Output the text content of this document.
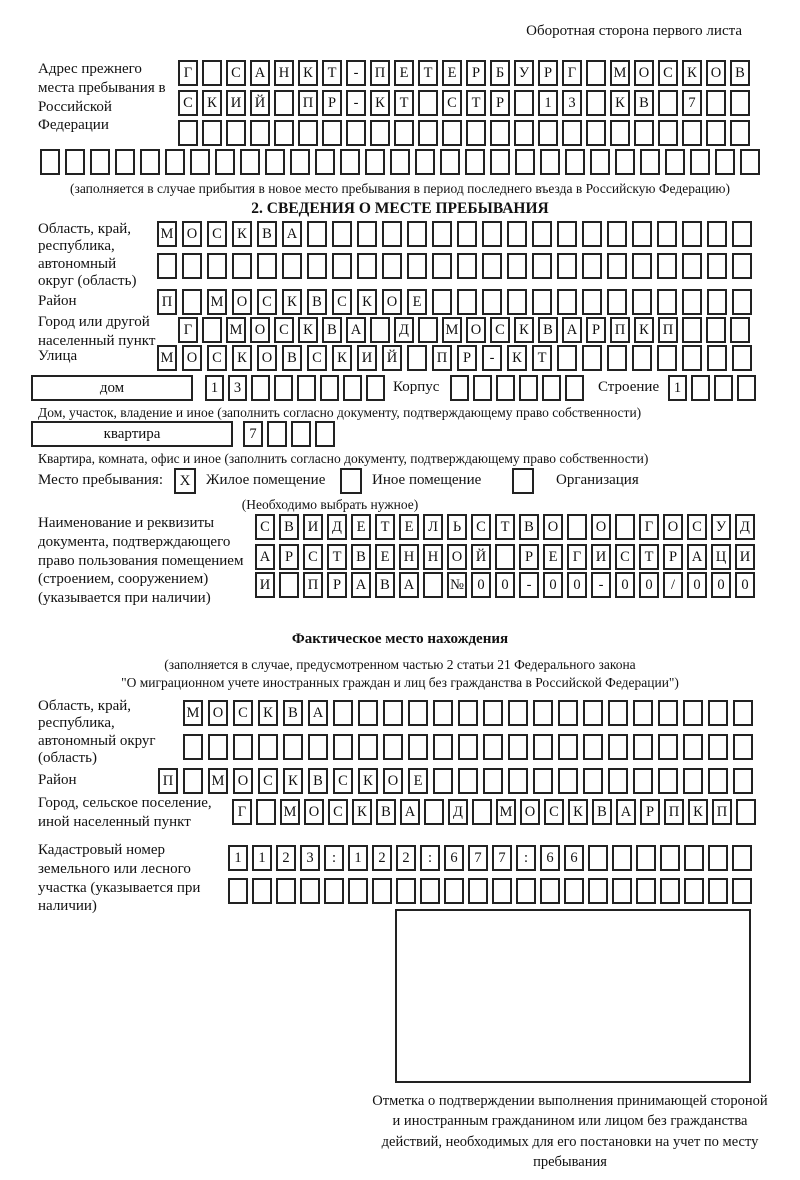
Оборотная сторона первого листа
Адрес прежнего места пребывания в Российской Федерации
Г	С А Н К	Т	-	П Е	Т	Е	Р	Б	У	Р	Г	М О С К О В
С К И Й	П	Р	-	К	Т	С	Т	Р	1	3	К В	7
(заполняется в случае прибытия в новое место пребывания в период последнего въезда в Российскую Федерацию)
2. СВЕДЕНИЯ О МЕСТЕ ПРЕБЫВАНИЯ
Область, край, республика, автономный округ (область)
М О	С	К	В	А
Район	П	М О	С	К	В	С	К	О	Е
Город или другой населенный пункт
Г	М О С К В А	Д	М О С К В А	Р	П К П
Улица	М О	С	К	О	В	С	К	И	Й	П	Р	-	К	Т
дом	1	3	Корпус	Строение	1
Дом, участок, владение и иное (заполнить согласно документу, подтверждающему право собственности)
квартира	7
Квартира, комната, офис и иное (заполнить согласно документу, подтверждающему право собственности)
Место пребывания:	X	Жилое помещение	Иное помещение	Организация
(Необходимо выбрать нужное)
Наименование и реквизиты документа, подтверждающего право пользования помещением (строением, сооружением) (указывается при наличии)
С В И Д	Е	Т	Е	Л	Ь	С	Т	В О	О	Г	О С У Д
А	Р	С	Т	В	Е Н Н О Й	Р	Е	Г	И С	Т	Р	А Ц И
И	П	Р	А В А	№ 0	0	-	0	0	-	0	0	/	0	0	0
Фактическое место нахождения
(заполняется в случае, предусмотренном частью 2 статьи 21 Федерального закона
"О миграционном учете иностранных граждан и лиц без гражданства в Российской Федерации")
Область, край, республика, автономный округ (область)
М О	С	К	В	А
Район	П	М О	С	К	В	С	К	О	Е
Город, сельское поселение, иной населенный пункт
Г	М О С К В А	Д	М О С К В А	Р	П К П
Кадастровый номер земельного или лесного участка (указывается при наличии)
1	1	2	3	:	1	2	2	:	6	7	7	:	6	6
Отметка о подтверждении выполнения принимающей стороной и иностранным гражданином или лицом без гражданства действий, необходимых для его постановки на учет по месту пребывания
